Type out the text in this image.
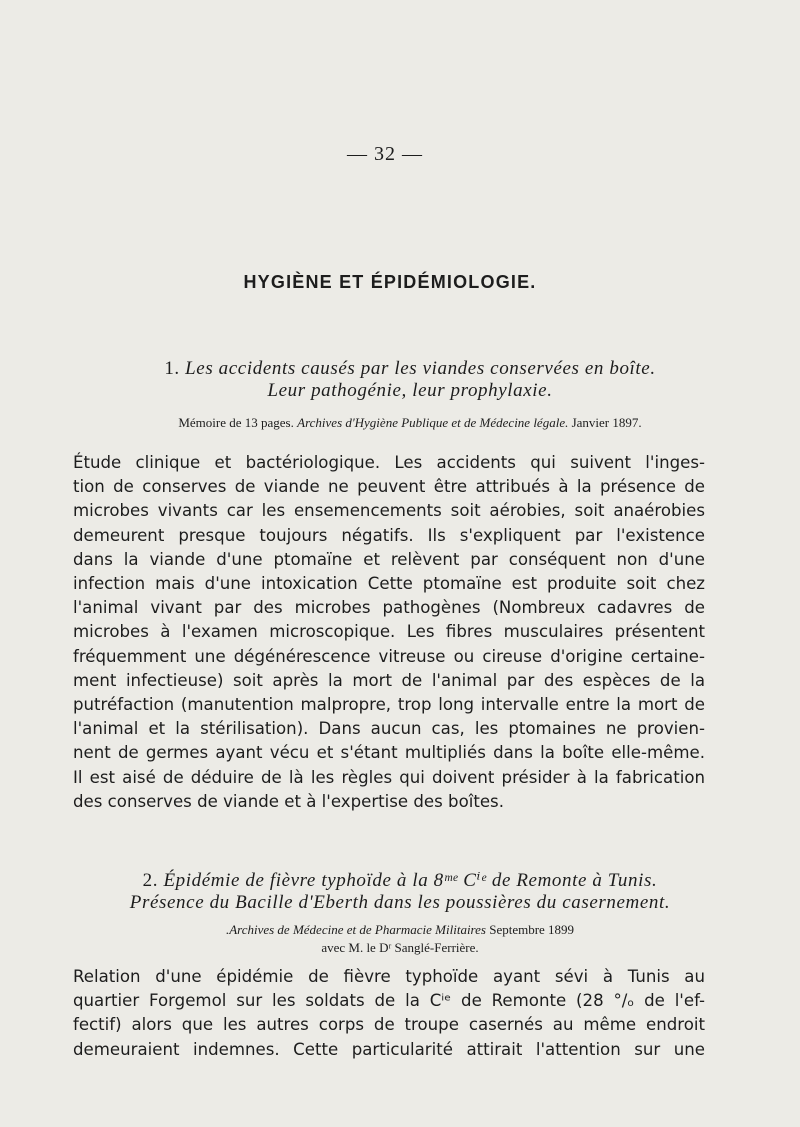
— 32 —
HYGIÈNE ET ÉPIDÉMIOLOGIE.
1. Les accidents causés par les viandes conservées en boîte.
Leur pathogénie, leur prophylaxie.
Mémoire de 13 pages. Archives d'Hygiène Publique et de Médecine légale. Janvier 1897.
Étude clinique et bactériologique. Les accidents qui suivent l'inges-
tion de conserves de viande ne peuvent être attribués à la présence de
microbes vivants car les ensemencements soit aérobies, soit anaérobies
demeurent presque toujours négatifs. Ils s'expliquent par l'existence
dans la viande d'une ptomaïne et relèvent par conséquent non d'une
infection mais d'une intoxication Cette ptomaïne est produite soit chez
l'animal vivant par des microbes pathogènes (Nombreux cadavres de
microbes à l'examen microscopique. Les fibres musculaires présentent
fréquemment une dégénérescence vitreuse ou cireuse d'origine certaine-
ment infectieuse) soit après la mort de l'animal par des espèces de la
putréfaction (manutention malpropre, trop long intervalle entre la mort de
l'animal et la stérilisation). Dans aucun cas, les ptomaines ne provien-
nent de germes ayant vécu et s'étant multipliés dans la boîte elle-même.
Il est aisé de déduire de là les règles qui doivent présider à la fabrication
des conserves de viande et à l'expertise des boîtes.
2. Épidémie de fièvre typhoïde à la 8ᵐᵉ Cⁱᵉ de Remonte à Tunis.
Présence du Bacille d'Eberth dans les poussières du casernement.
.Archives de Médecine et de Pharmacie Militaires Septembre 1899
avec M. le Dʳ Sanglé-Ferrière.
Relation d'une épidémie de fièvre typhoïde ayant sévi à Tunis au
quartier Forgemol sur les soldats de la Cⁱᵉ de Remonte (28 °/ₒ de l'ef-
fectif) alors que les autres corps de troupe casernés au même endroit
demeuraient indemnes. Cette particularité attirait l'attention sur une
